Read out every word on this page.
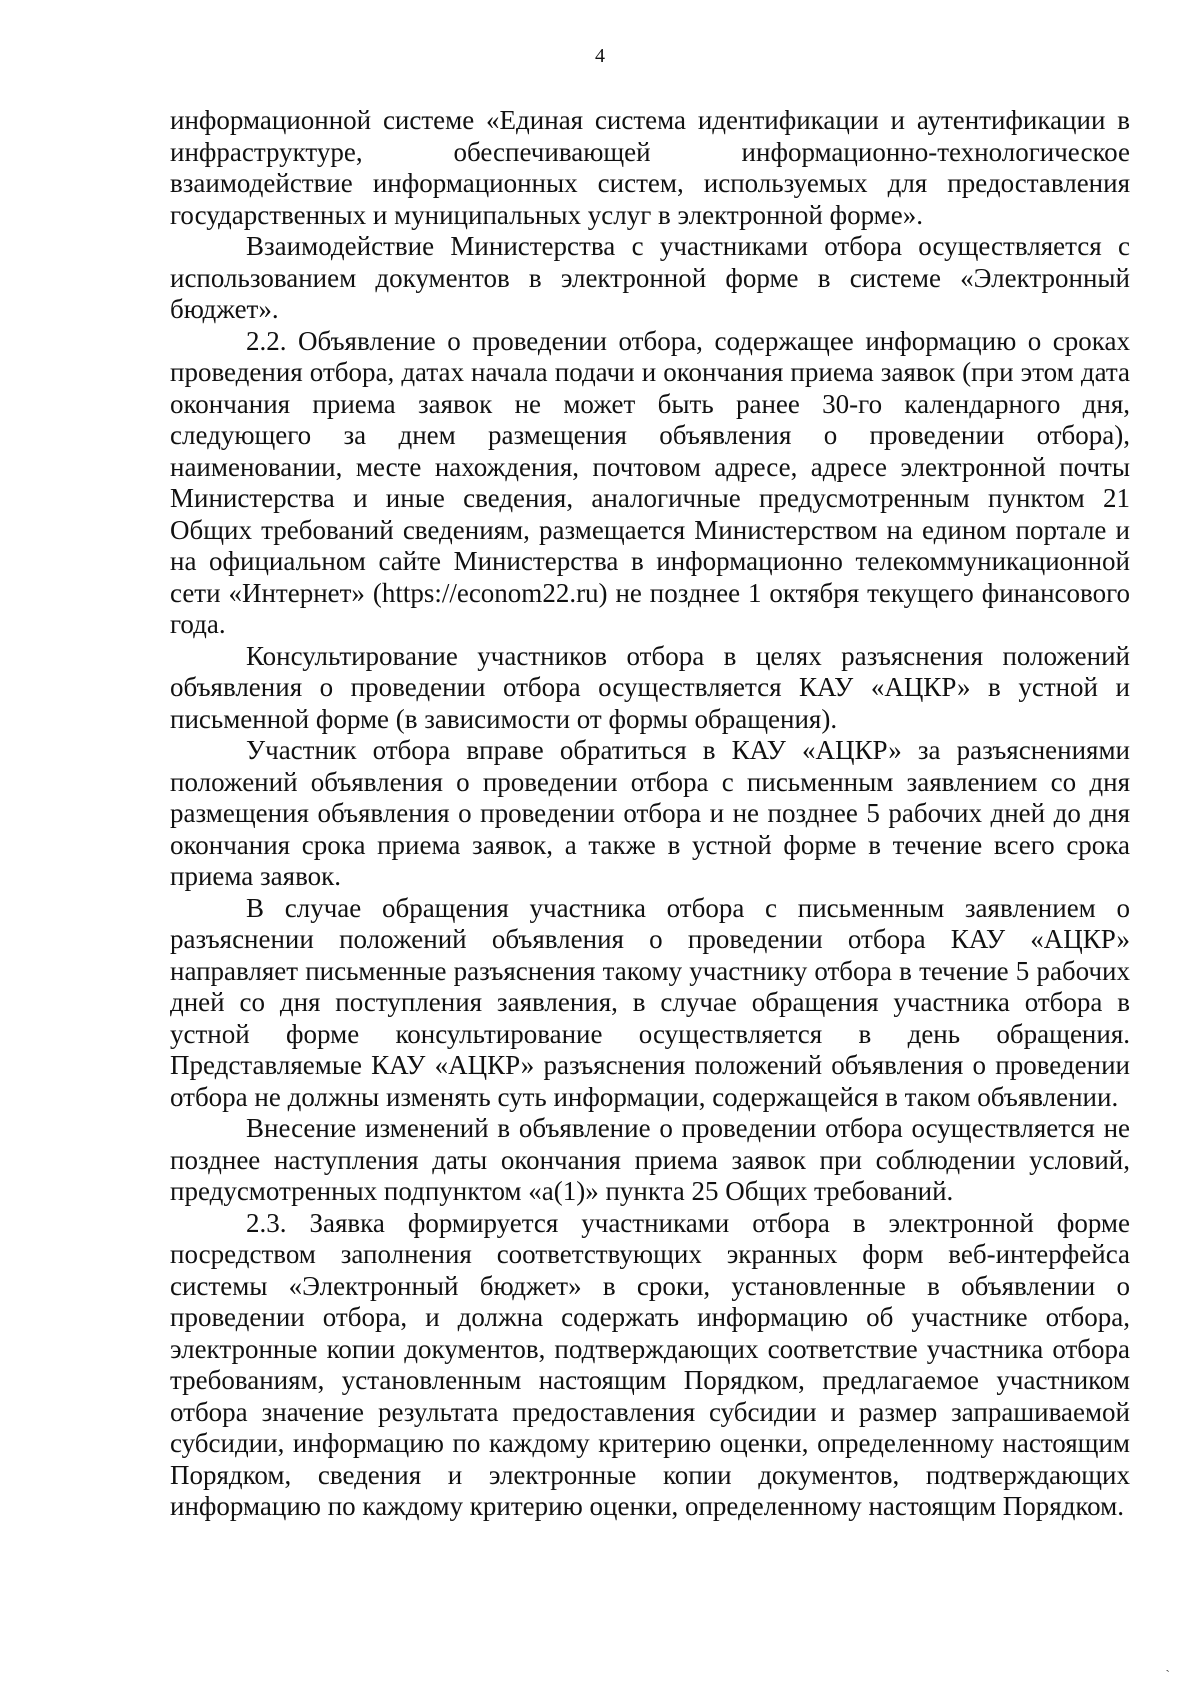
4

информационной системе «Единая система идентификации и аутентификации в инфраструктуре, обеспечивающей информационно-технологическое взаимодействие информационных систем, используемых для предоставления государственных и муниципальных услуг в электронной форме».

Взаимодействие Министерства с участниками отбора осуществляется с использованием документов в электронной форме в системе «Электронный бюджет».

2.2. Объявление о проведении отбора, содержащее информацию о сроках проведения отбора, датах начала подачи и окончания приема заявок (при этом дата окончания приема заявок не может быть ранее 30-го календарного дня, следующего за днем размещения объявления о проведении отбора), наименовании, месте нахождения, почтовом адресе, адресе электронной почты Министерства и иные сведения, аналогичные предусмотренным пунктом 21 Общих требований сведениям, размещается Министерством на едином портале и на официальном сайте Министерства в информационно телекоммуникационной сети «Интернет» (https://econom22.ru) не позднее 1 октября текущего финансового года.

Консультирование участников отбора в целях разъяснения положений объявления о проведении отбора осуществляется КАУ «АЦКР» в устной и письменной форме (в зависимости от формы обращения).

Участник отбора вправе обратиться в КАУ «АЦКР» за разъяснениями положений объявления о проведении отбора с письменным заявлением со дня размещения объявления о проведении отбора и не позднее 5 рабочих дней до дня окончания срока приема заявок, а также в устной форме в течение всего срока приема заявок.

В случае обращения участника отбора с письменным заявлением о разъяснении положений объявления о проведении отбора КАУ «АЦКР» направляет письменные разъяснения такому участнику отбора в течение 5 рабочих дней со дня поступления заявления, в случае обращения участника отбора в устной форме консультирование осуществляется в день обращения. Представляемые КАУ «АЦКР» разъяснения положений объявления о проведении отбора не должны изменять суть информации, содержащейся в таком объявлении.

Внесение изменений в объявление о проведении отбора осуществляется не позднее наступления даты окончания приема заявок при соблюдении условий, предусмотренных подпунктом «а(1)» пункта 25 Общих требований.

2.3. Заявка формируется участниками отбора в электронной форме посредством заполнения соответствующих экранных форм веб-интерфейса системы «Электронный бюджет» в сроки, установленные в объявлении о проведении отбора, и должна содержать информацию об участнике отбора, электронные копии документов, подтверждающих соответствие участника отбора требованиям, установленным настоящим Порядком, предлагаемое участником отбора значение результата предоставления субсидии и размер запрашиваемой субсидии, информацию по каждому критерию оценки, определенному настоящим Порядком, сведения и электронные копии документов, подтверждающих информацию по каждому критерию оценки, определенному настоящим Порядком.

ˎ
